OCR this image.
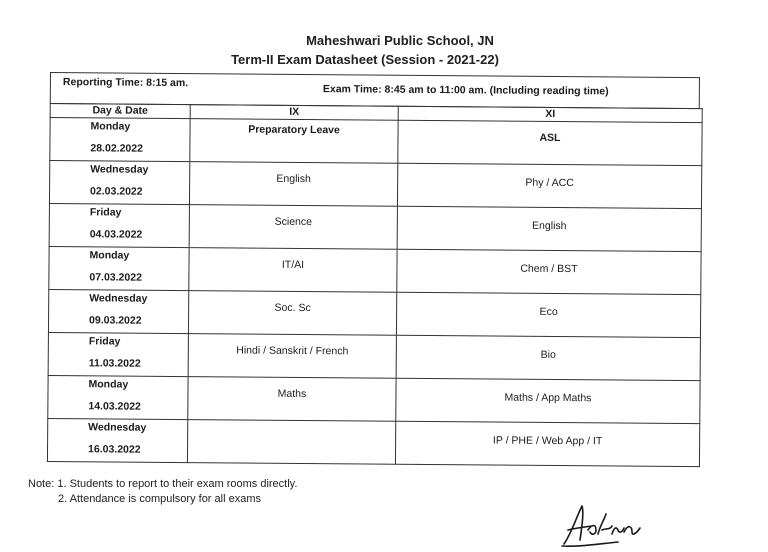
Maheshwari Public School, JN
Term-II Exam Datasheet (Session - 2021-22)
Reporting Time: 8:15 am.
Exam Time: 8:45 am to 11:00 am. (Including reading time)
Day & Date	IX	XI

Monday
28.02.2022	Preparatory Leave	ASL

Wednesday
02.03.2022	English	Phy / ACC

Friday
04.03.2022	Science	English

Monday
07.03.2022	IT/AI	Chem / BST

Wednesday
09.03.2022	Soc. Sc	Eco

Friday
11.03.2022	Hindi / Sanskrit / French	Bio

Monday
14.03.2022	Maths	Maths / App Maths

Wednesday
16.03.2022		IP / PHE / Web App / IT
Note: 1. Students to report to their exam rooms directly.
2. Attendance is compulsory for all exams
